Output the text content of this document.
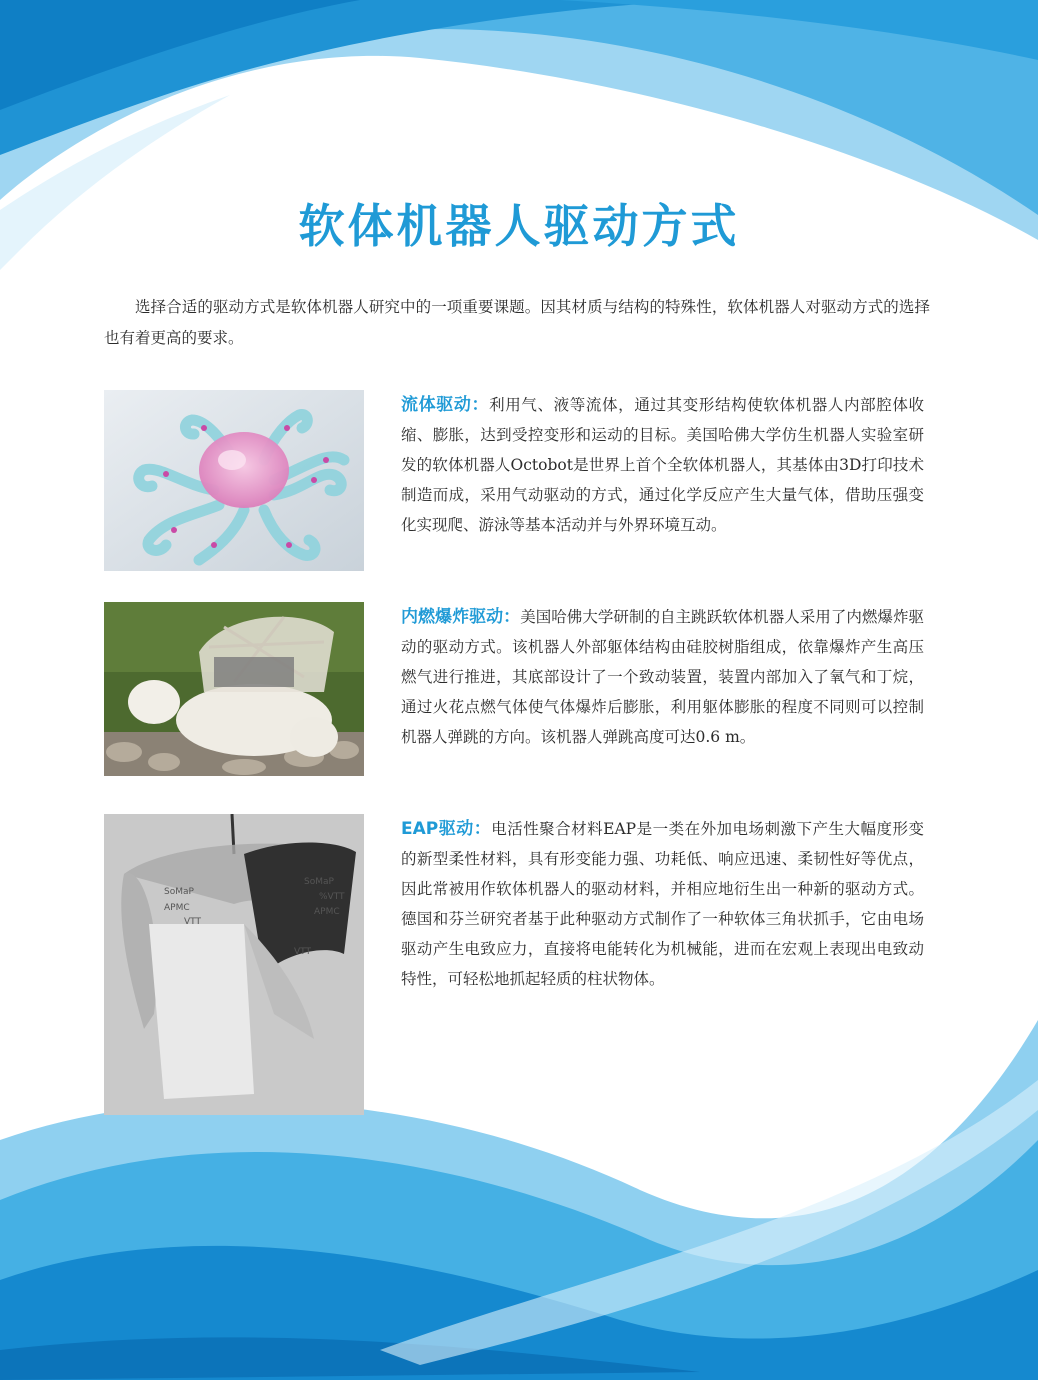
软体机器人驱动方式

选择合适的驱动方式是软体机器人研究中的一项重要课题。因其材质与结构的特殊性，软体机器人对驱动方式的选择也有着更高的要求。

流体驱动：利用气、液等流体，通过其变形结构使软体机器人内部腔体收缩、膨胀，达到受控变形和运动的目标。美国哈佛大学仿生机器人实验室研发的软体机器人Octobot是世界上首个全软体机器人，其基体由3D打印技术制造而成，采用气动驱动的方式，通过化学反应产生大量气体，借助压强变化实现爬、游泳等基本活动并与外界环境互动。

内燃爆炸驱动：美国哈佛大学研制的自主跳跃软体机器人采用了内燃爆炸驱动的驱动方式。该机器人外部躯体结构由硅胶树脂组成，依靠爆炸产生高压燃气进行推进，其底部设计了一个致动装置，装置内部加入了氧气和丁烷，通过火花点燃气体使气体爆炸后膨胀，利用躯体膨胀的程度不同则可以控制机器人弹跳的方向。该机器人弹跳高度可达0.6 m。

SoMaP
APMC
VTT
SoMaP
APMC
VTT
%VTT

EAP驱动：电活性聚合材料EAP是一类在外加电场刺激下产生大幅度形变的新型柔性材料，具有形变能力强、功耗低、响应迅速、柔韧性好等优点，因此常被用作软体机器人的驱动材料，并相应地衍生出一种新的驱动方式。德国和芬兰研究者基于此种驱动方式制作了一种软体三角状抓手，它由电场驱动产生电致应力，直接将电能转化为机械能，进而在宏观上表现出电致动特性，可轻松地抓起轻质的柱状物体。
